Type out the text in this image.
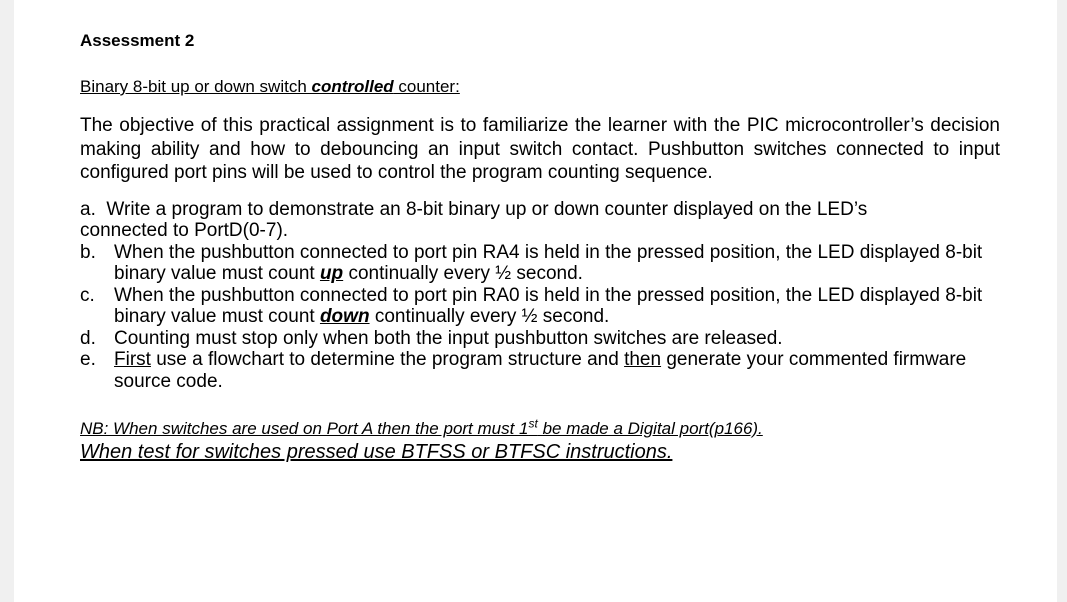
Assessment 2
Binary 8-bit up or down switch controlled counter:
The objective of this practical assignment is to familiarize the learner with the PIC microcontroller’s decision making ability and how to debouncing an input switch contact. Pushbutton switches connected to input configured port pins will be used to control the program counting sequence.
a. Write a program to demonstrate an 8-bit binary up or down counter displayed on the LED’s
connected to PortD(0-7).
b. When the pushbutton connected to port pin RA4 is held in the pressed position, the LED displayed 8-bit binary value must count up continually every ½ second.
c. When the pushbutton connected to port pin RA0 is held in the pressed position, the LED displayed 8-bit binary value must count down continually every ½ second.
d. Counting must stop only when both the input pushbutton switches are released.
e. First use a flowchart to determine the program structure and then generate your commented firmware source code.
NB: When switches are used on Port A then the port must 1st be made a Digital port(p166).
When test for switches pressed use BTFSS or BTFSC instructions.
